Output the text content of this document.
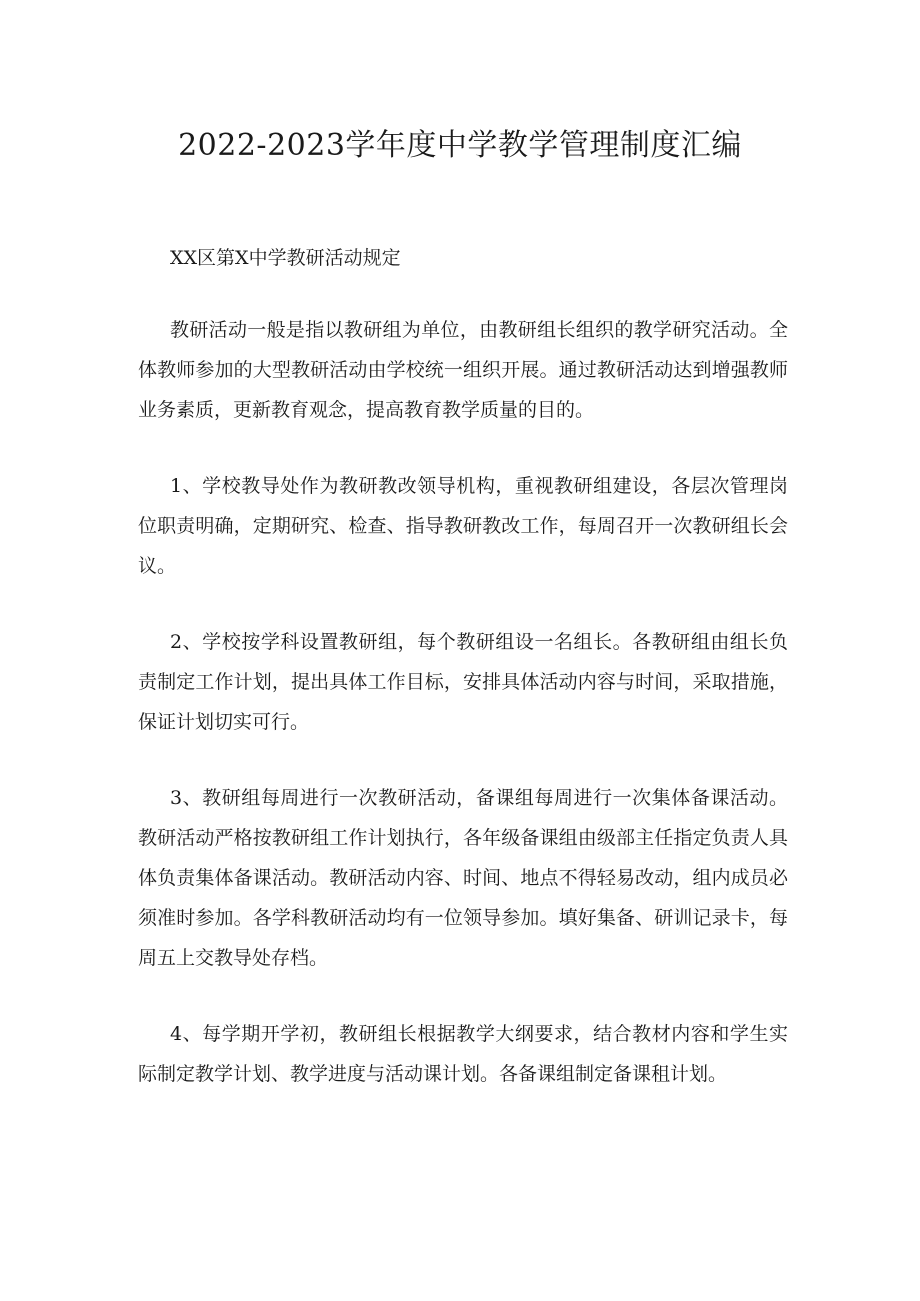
2022-2023学年度中学教学管理制度汇编
XX区第X中学教研活动规定

教研活动一般是指以教研组为单位，由教研组长组织的教学研究活动。全体教师参加的大型教研活动由学校统一组织开展。通过教研活动达到增强教师业务素质，更新教育观念，提高教育教学质量的目的。

1、学校教导处作为教研教改领导机构，重视教研组建设，各层次管理岗位职责明确，定期研究、检查、指导教研教改工作，每周召开一次教研组长会议。

2、学校按学科设置教研组，每个教研组设一名组长。各教研组由组长负责制定工作计划，提出具体工作目标，安排具体活动内容与时间，采取措施，保证计划切实可行。

3、教研组每周进行一次教研活动，备课组每周进行一次集体备课活动。教研活动严格按教研组工作计划执行，各年级备课组由级部主任指定负责人具体负责集体备课活动。教研活动内容、时间、地点不得轻易改动，组内成员必须准时参加。各学科教研活动均有一位领导参加。填好集备、研训记录卡，每周五上交教导处存档。

4、每学期开学初，教研组长根据教学大纲要求，结合教材内容和学生实际制定教学计划、教学进度与活动课计划。各备课组制定备课租计划。
